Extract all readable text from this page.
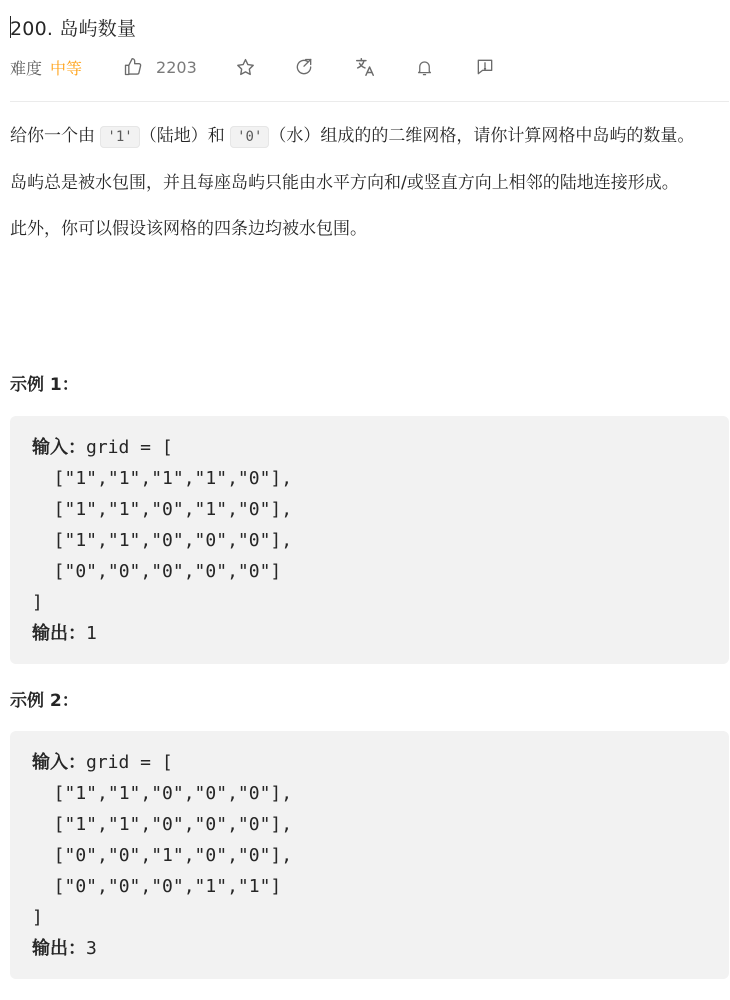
200. 岛屿数量
难度 中等	2203

给你一个由 '1' （陆地）和 '0' （水）组成的的二维网格，请你计算网格中岛屿的数量。

岛屿总是被水包围，并且每座岛屿只能由水平方向和/或竖直方向上相邻的陆地连接形成。

此外，你可以假设该网格的四条边均被水包围。

示例 1：
输入：grid = [
["1","1","1","1","0"],
["1","1","0","1","0"],
["1","1","0","0","0"],
["0","0","0","0","0"]
]
输出：1
示例 2：
输入：grid = [
["1","1","0","0","0"],
["1","1","0","0","0"],
["0","0","1","0","0"],
["0","0","0","1","1"]
]
输出：3
